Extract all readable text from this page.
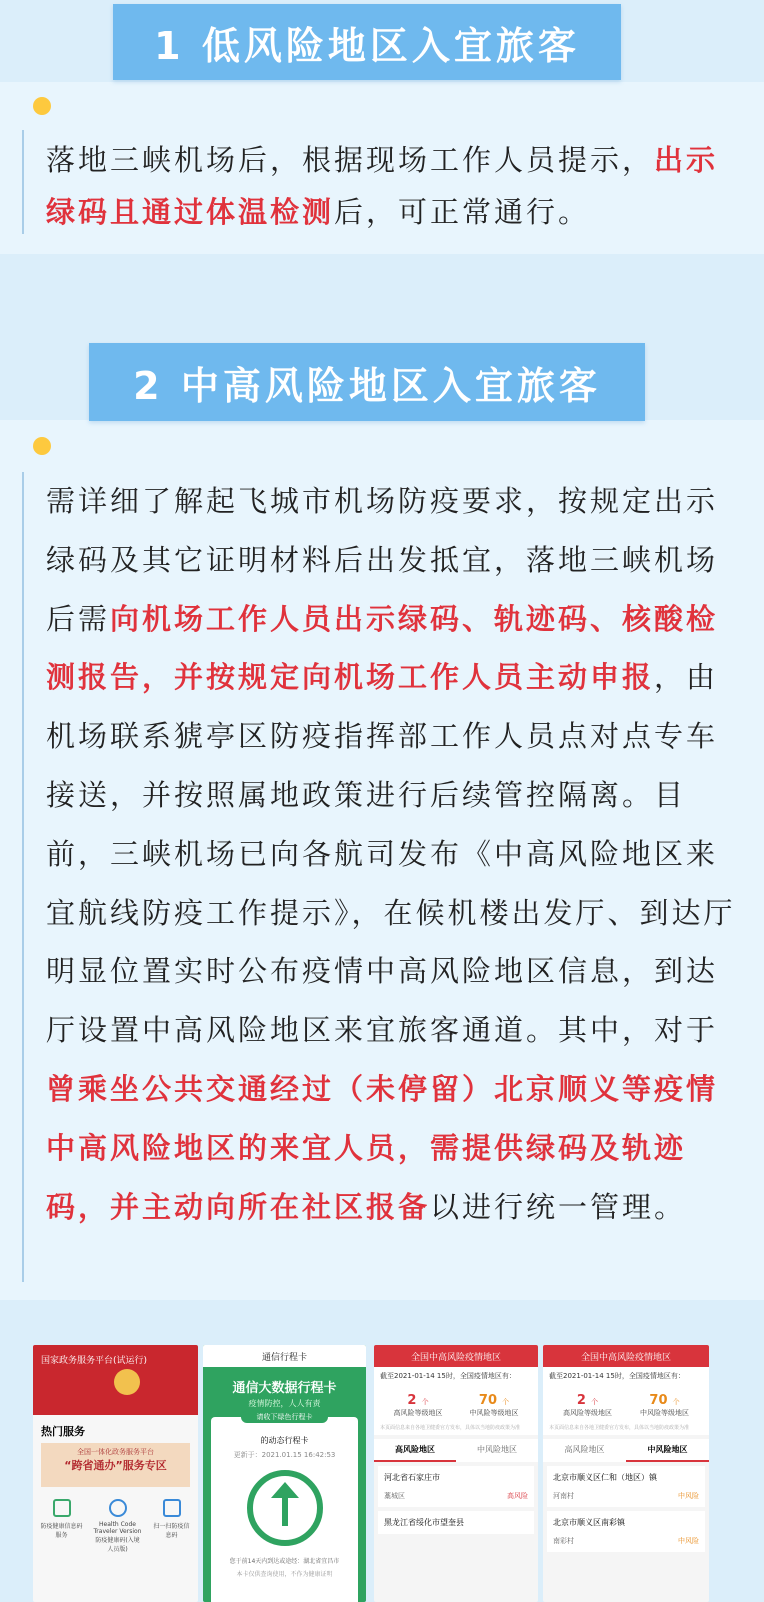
1 低风险地区入宜旅客
落地三峡机场后，根据现场工作人员提示，出示绿码且通过体温检测后，可正常通行。
2 中高风险地区入宜旅客
需详细了解起飞城市机场防疫要求，按规定出示绿码及其它证明材料后出发抵宜，落地三峡机场后需向机场工作人员出示绿码、轨迹码、核酸检测报告，并按规定向机场工作人员主动申报，由机场联系猇亭区防疫指挥部工作人员点对点专车接送，并按照属地政策进行后续管控隔离。目前，三峡机场已向各航司发布《中高风险地区来宜航线防疫工作提示》，在候机楼出发厅、到达厅明显位置实时公布疫情中高风险地区信息，到达厅设置中高风险地区来宜旅客通道。其中，对于曾乘坐公共交通经过（未停留）北京顺义等疫情中高风险地区的来宜人员，需提供绿码及轨迹码，并主动向所在社区报备以进行统一管理。
国家政务服务平台(试运行)
热门服务
全国一体化政务服务平台
“跨省通办”服务专区
防疫健康信息码服务
Health Code Traveler Version 防疫健康码(入境人员版)
扫一扫防疫信息码
通信行程卡
通信大数据行程卡
疫情防控，人人有责
请收下绿色行程卡
的动态行程卡
更新于：2021.01.15 16:42:53
您于前14天内到达或途经：湖北省宜昌市
本卡仅供查询使用，不作为健康证明
全国中高风险疫情地区
截至2021-01-14 15时，全国疫情地区有：
2 个
高风险等级地区
70 个
中风险等级地区
本页面信息来自各地卫健委官方发布，具体以当地防疫政策为准
高风险地区	中风险地区
河北省石家庄市
藁城区	高风险
黑龙江省绥化市望奎县
全国中高风险疫情地区
截至2021-01-14 15时，全国疫情地区有：
2 个
高风险等级地区
70 个
中风险等级地区
本页面信息来自各地卫健委官方发布，具体以当地防疫政策为准
高风险地区	中风险地区
北京市顺义区仁和（地区）镇
河南村	中风险
北京市顺义区南彩镇
南彩村	中风险
